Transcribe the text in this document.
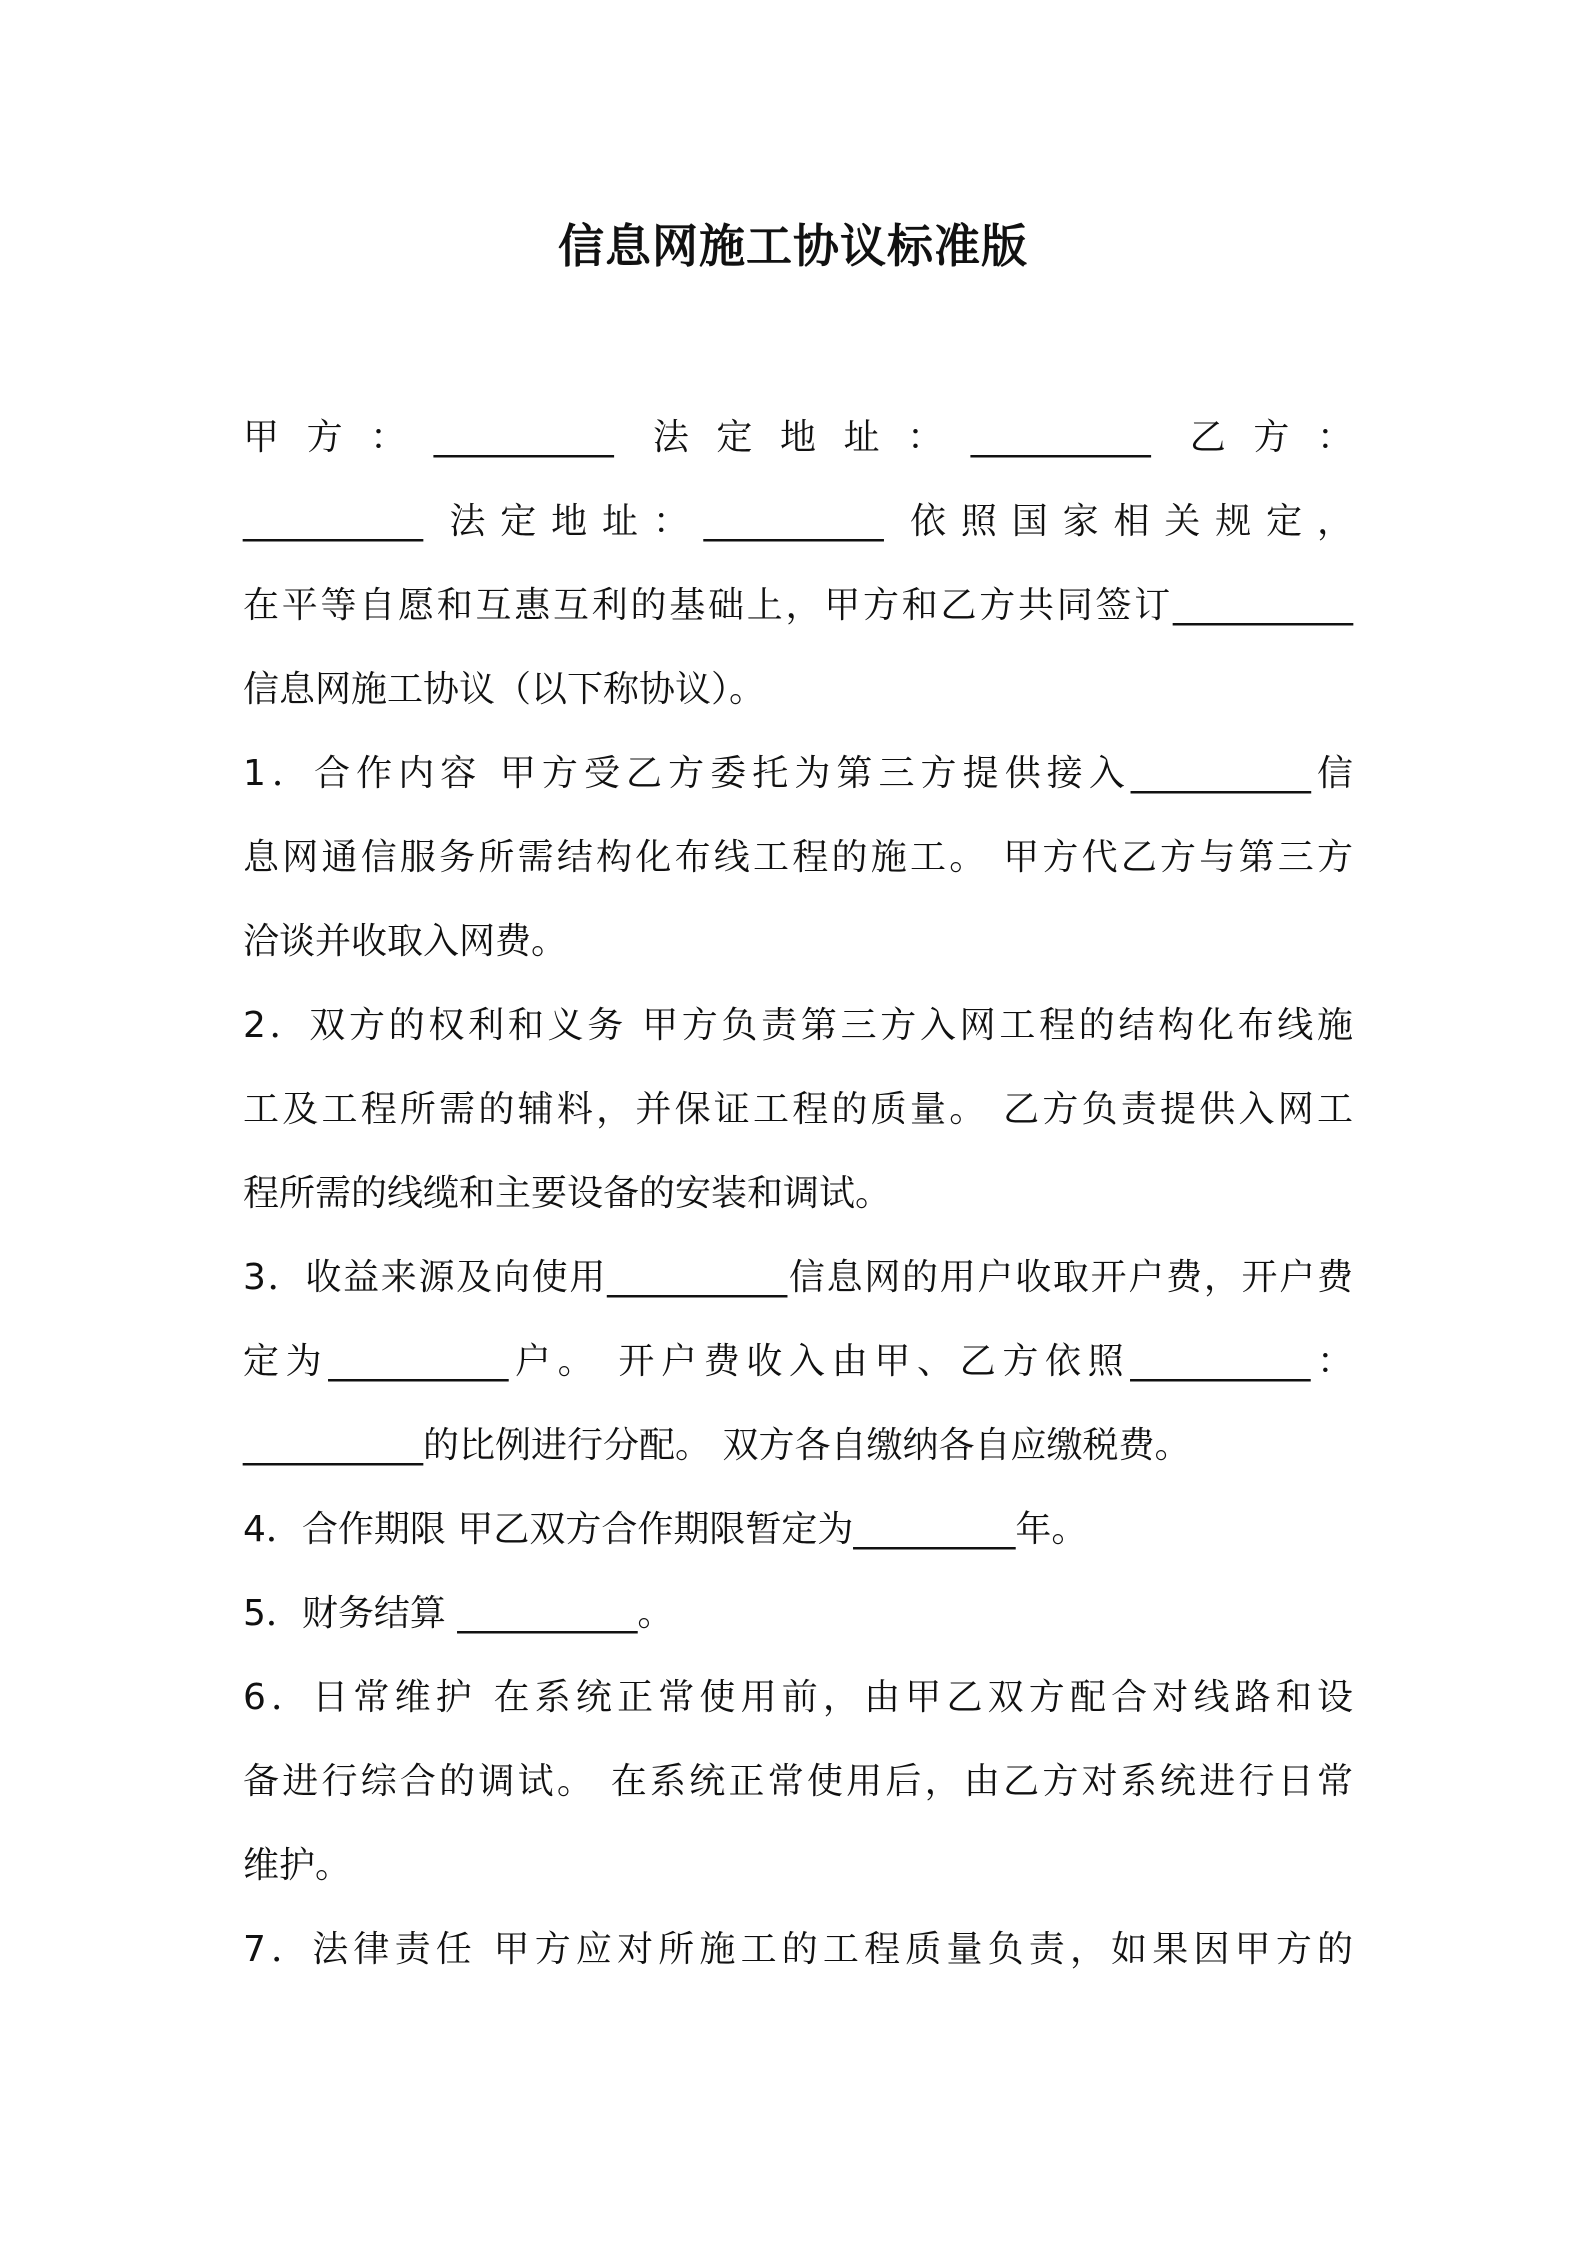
信息网施工协议标准版
甲方：__________ 法定地址：__________ 乙方：
__________ 法定地址：__________ 依照国家相关规定，
在平等自愿和互惠互利的基础上，甲方和乙方共同签订__________
信息网施工协议（以下称协议）。
1．合作内容 甲方受乙方委托为第三方提供接入__________信
息网通信服务所需结构化布线工程的施工。 甲方代乙方与第三方
洽谈并收取入网费。
2．双方的权利和义务 甲方负责第三方入网工程的结构化布线施
工及工程所需的辅料，并保证工程的质量。 乙方负责提供入网工
程所需的线缆和主要设备的安装和调试。
3．收益来源及向使用__________信息网的用户收取开户费，开户费
定为__________户。 开户费收入由甲、乙方依照__________：
__________的比例进行分配。 双方各自缴纳各自应缴税费。
4．合作期限 甲乙双方合作期限暂定为_________年。
5．财务结算 __________。
6．日常维护 在系统正常使用前，由甲乙双方配合对线路和设
备进行综合的调试。 在系统正常使用后，由乙方对系统进行日常
维护。
7．法律责任 甲方应对所施工的工程质量负责，如果因甲方的
